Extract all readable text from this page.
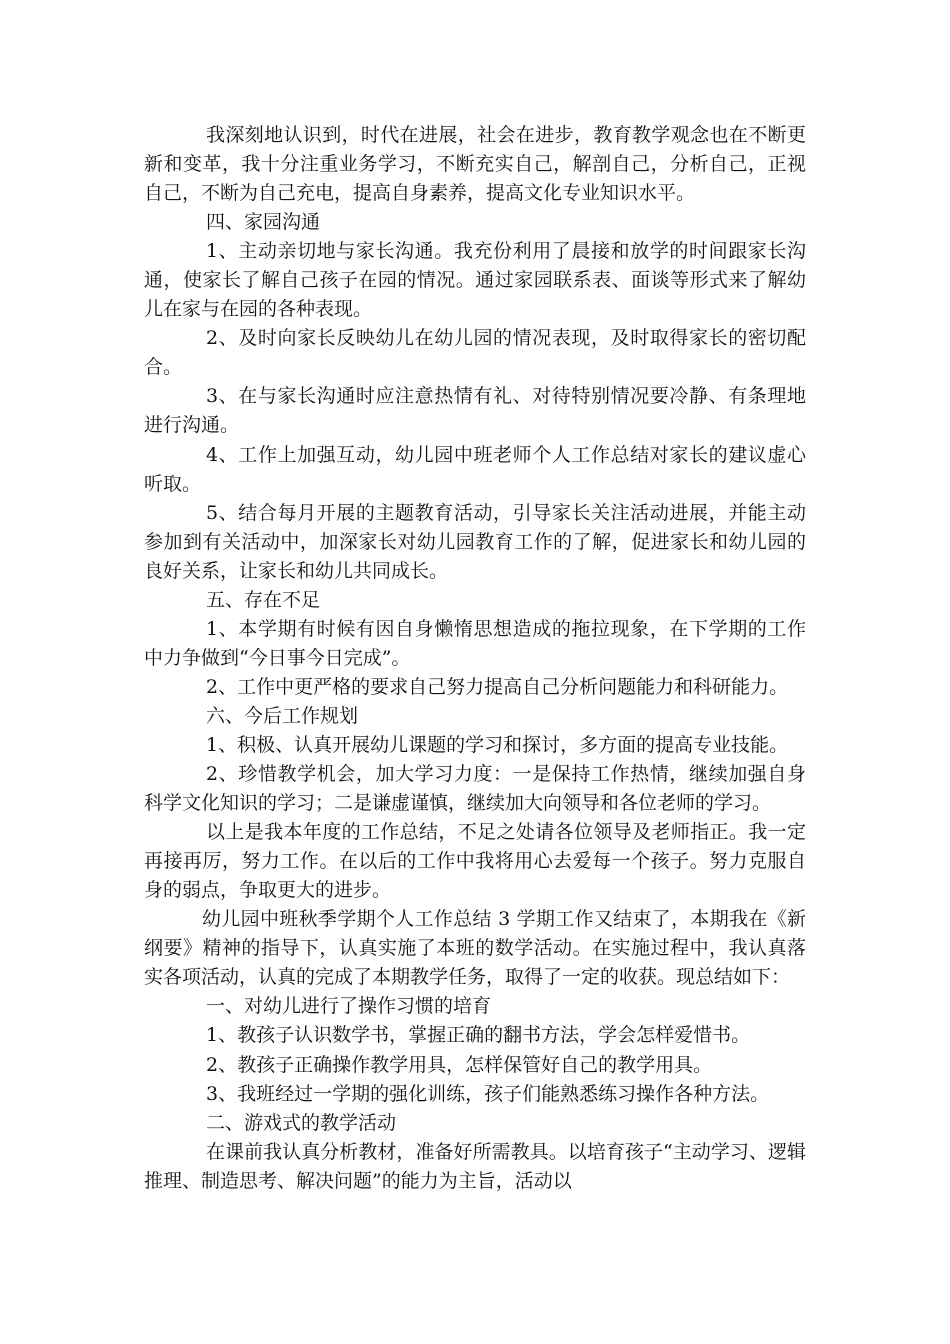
我深刻地认识到，时代在进展，社会在进步，教育教学观念也在不断更新和变革，我十分注重业务学习，不断充实自己，解剖自己，分析自己，正视自己，不断为自己充电，提高自身素养，提高文化专业知识水平。

四、家园沟通

1、主动亲切地与家长沟通。我充份利用了晨接和放学的时间跟家长沟通，使家长了解自己孩子在园的情况。通过家园联系表、面谈等形式来了解幼儿在家与在园的各种表现。

2、及时向家长反映幼儿在幼儿园的情况表现，及时取得家长的密切配合。

3、在与家长沟通时应注意热情有礼、对待特别情况要冷静、有条理地进行沟通。

4、工作上加强互动，幼儿园中班老师个人工作总结对家长的建议虚心听取。

5、结合每月开展的主题教育活动，引导家长关注活动进展，并能主动参加到有关活动中，加深家长对幼儿园教育工作的了解，促进家长和幼儿园的良好关系，让家长和幼儿共同成长。

五、存在不足

1、本学期有时候有因自身懒惰思想造成的拖拉现象，在下学期的工作中力争做到“今日事今日完成”。

2、工作中更严格的要求自己努力提高自己分析问题能力和科研能力。

六、今后工作规划

1、积极、认真开展幼儿课题的学习和探讨，多方面的提高专业技能。

2、珍惜教学机会，加大学习力度：一是保持工作热情，继续加强自身科学文化知识的学习；二是谦虚谨慎，继续加大向领导和各位老师的学习。

以上是我本年度的工作总结，不足之处请各位领导及老师指正。我一定再接再厉，努力工作。在以后的工作中我将用心去爱每一个孩子。努力克服自身的弱点，争取更大的进步。

幼儿园中班秋季学期个人工作总结 3 学期工作又结束了，本期我在《新纲要》精神的指导下，认真实施了本班的数学活动。在实施过程中，我认真落实各项活动，认真的完成了本期教学任务，取得了一定的收获。现总结如下：

一、对幼儿进行了操作习惯的培育

1、教孩子认识数学书，掌握正确的翻书方法，学会怎样爱惜书。

2、教孩子正确操作教学用具，怎样保管好自己的教学用具。

3、我班经过一学期的强化训练，孩子们能熟悉练习操作各种方法。

二、游戏式的教学活动

在课前我认真分析教材，准备好所需教具。以培育孩子“主动学习、逻辑推理、制造思考、解决问题”的能力为主旨，活动以
